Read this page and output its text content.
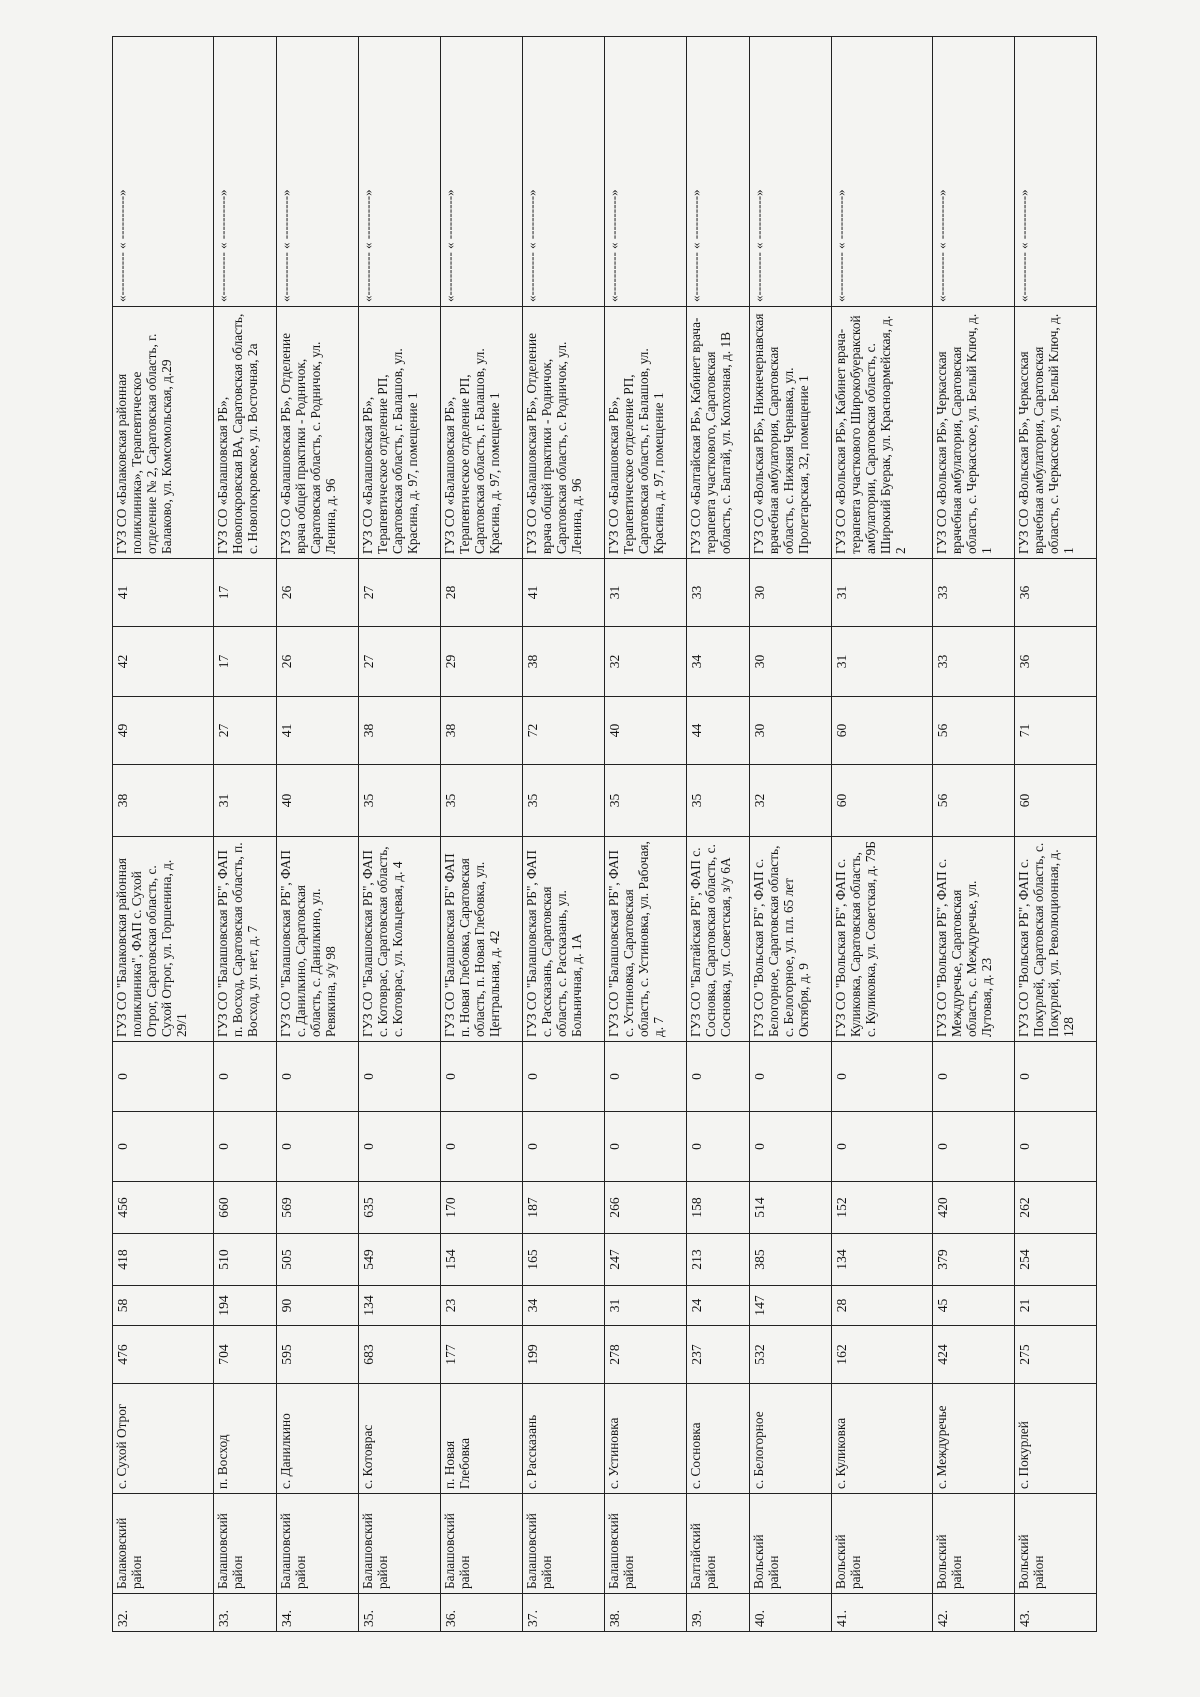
32.	Балаковский район	с. Сухой Отрог	476	58	418	456	0	0	ГУЗ СО "Балаковская районная поликлиника", ФАП с. Сухой Отрог, Саратовская область, с. Сухой Отрог, ул. Горшенина, д. 29/1	38	49	42	41	ГУЗ СО «Балаковская районная поликлиника», Терапевтическое отделение № 2, Саратовская область, г. Балаково, ул. Комсомольская, д.29	«---------- « ----------»
33.	Балашовский район	п. Восход	704	194	510	660	0	0	ГУЗ СО "Балашовская РБ", ФАП п. Восход, Саратовская область, п. Восход, ул. нет, д. 7	31	27	17	17	ГУЗ СО «Балашовская РБ», Новопокровская ВА, Саратовская область, с. Новопокровское, ул. Восточная, 2а	«---------- « ----------»
34.	Балашовский район	с. Данилкино	595	90	505	569	0	0	ГУЗ СО "Балашовская РБ", ФАП с. Данилкино, Саратовская область, с. Данилкино, ул. Ревякина, з/у 98	40	41	26	26	ГУЗ СО «Балашовская РБ», Отделение врача общей практики - Родничок, Саратовская область, с. Родничок, ул. Ленина, д. 96	«---------- « ----------»
35.	Балашовский район	с. Котоврас	683	134	549	635	0	0	ГУЗ СО "Балашовская РБ", ФАП с. Котоврас, Саратовская область, с. Котоврас, ул. Кольцевая, д. 4	35	38	27	27	ГУЗ СО «Балашовская РБ», Терапевтическое отделение РП, Саратовская область, г. Балашов, ул. Красина, д. 97, помещение 1	«---------- « ----------»
36.	Балашовский район	п. Новая Глебовка	177	23	154	170	0	0	ГУЗ СО "Балашовская РБ" ФАП п. Новая Глебовка, Саратовская область, п. Новая Глебовка, ул. Центральная, д. 42	35	38	29	28	ГУЗ СО «Балашовская РБ», Терапевтическое отделение РП, Саратовская область, г. Балашов, ул. Красина, д. 97, помещение 1	«---------- « ----------»
37.	Балашовский район	с. Рассказань	199	34	165	187	0	0	ГУЗ СО "Балашовская РБ", ФАП с. Рассказань, Саратовская область, с. Рассказань, ул. Больничная, д. 1А	35	72	38	41	ГУЗ СО «Балашовская РБ», Отделение врача общей практики - Родничок, Саратовская область, с. Родничок, ул. Ленина, д. 96	«---------- « ----------»
38.	Балашовский район	с. Устиновка	278	31	247	266	0	0	ГУЗ СО "Балашовская РБ", ФАП с. Устиновка, Саратовская область, с. Устиновка, ул. Рабочая, д. 7	35	40	32	31	ГУЗ СО «Балашовская РБ», Терапевтическое отделение РП, Саратовская область, г. Балашов, ул. Красина, д. 97, помещение 1	«---------- « ----------»
39.	Балтайский район	с. Сосновка	237	24	213	158	0	0	ГУЗ СО "Балтайская РБ", ФАП с. Сосновка, Саратовская область, с. Сосновка, ул. Советская, з/у 6А	35	44	34	33	ГУЗ СО «Балтайская РБ», Кабинет врача-терапевта участкового, Саратовская область, с. Балтай, ул. Колхозная, д. 1В	«---------- « ----------»
40.	Вольский район	с. Белогорное	532	147	385	514	0	0	ГУЗ СО "Вольская РБ", ФАП с. Белогорное, Саратовская область, с. Белогорное, ул. пл. 65 лет Октября, д. 9	32	30	30	30	ГУЗ СО «Вольская РБ», Нижнечернавская врачебная амбулатория, Саратовская область, с. Нижняя Чернавка, ул. Пролетарская, 32, помещение 1	«---------- « ----------»
41.	Вольский район	с. Куликовка	162	28	134	152	0	0	ГУЗ СО "Вольская РБ", ФАП с. Куликовка, Саратовская область, с. Куликовка, ул. Советская, д. 79Б	60	60	31	31	ГУЗ СО «Вольская РБ», Кабинет врача-терапевта участкового Широкобуеракской амбулатории, Саратовская область, с. Широкий Буерак, ул. Красноармейская, д. 2	«---------- « ----------»
42.	Вольский район	с. Междуречье	424	45	379	420	0	0	ГУЗ СО "Вольская РБ", ФАП с. Междуречье, Саратовская область, с. Междуречье, ул. Лутовая, д. 23	56	56	33	33	ГУЗ СО «Вольская РБ», Черкасская врачебная амбулатория, Саратовская область, с. Черкасское, ул. Белый Ключ, д. 1	«---------- « ----------»
43.	Вольский район	с. Покурлей	275	21	254	262	0	0	ГУЗ СО "Вольская РБ", ФАП с. Покурлей, Саратовская область, с. Покурлей, ул. Революционная, д. 128	60	71	36	36	ГУЗ СО «Вольская РБ», Черкасская врачебная амбулатория, Саратовская область, с. Черкасское, ул. Белый Ключ, д. 1	«---------- « ----------»
